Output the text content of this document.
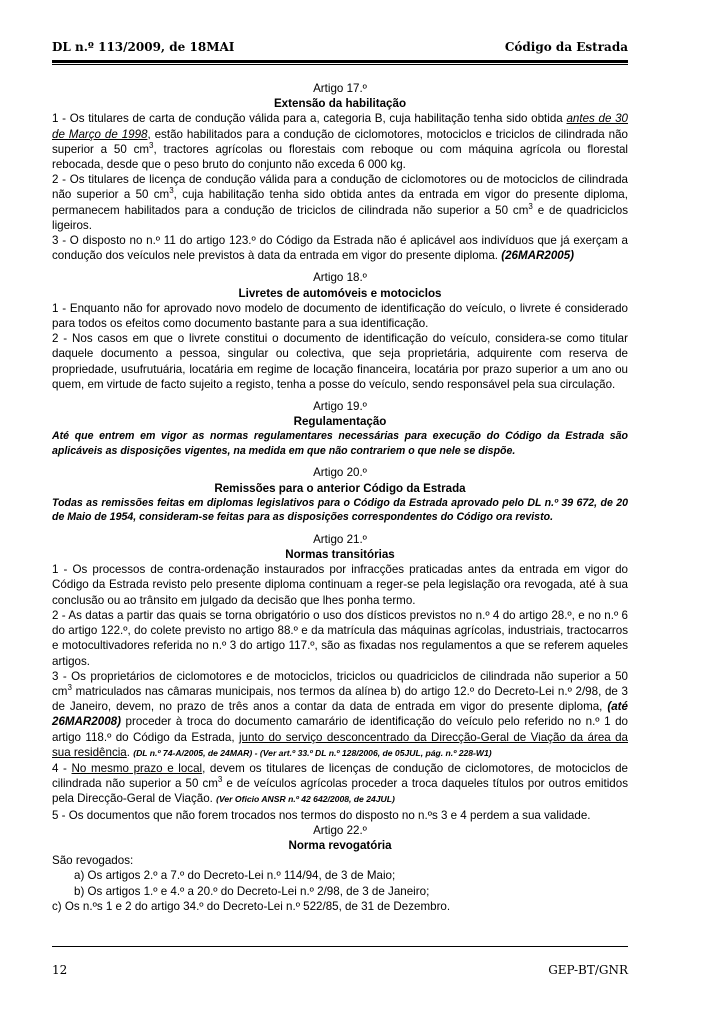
DL n.º 113/2009, de 18MAI	Código da Estrada

Artigo 17.º

Extensão da habilitação

1 - Os titulares de carta de condução válida para a, categoria B, cuja habilitação tenha sido obtida antes de 30 de Março de 1998, estão habilitados para a condução de ciclomotores, motociclos e triciclos de cilindrada não superior a 50 $cm^3$, tractores agrícolas ou florestais com reboque ou com máquina agrícola ou florestal rebocada, desde que o peso bruto do conjunto não exceda 6 000 kg.

2 - Os titulares de licença de condução válida para a condução de ciclomotores ou de motociclos de cilindrada não superior a 50 $cm^3$, cuja habilitação tenha sido obtida antes da entrada em vigor do presente diploma, permanecem habilitados para a condução de triciclos de cilindrada não superior a 50 $cm^3$ e de quadriciclos ligeiros.

3 - O disposto no n.º 11 do artigo 123.º do Código da Estrada não é aplicável aos indivíduos que já exerçam a condução dos veículos nele previstos à data da entrada em vigor do presente diploma. (26MAR2005)

Artigo 18.º

Livretes de automóveis e motociclos

1 - Enquanto não for aprovado novo modelo de documento de identificação do veículo, o livrete é considerado para todos os efeitos como documento bastante para a sua identificação.

2 - Nos casos em que o livrete constitui o documento de identificação do veículo, considera-se como titular daquele documento a pessoa, singular ou colectiva, que seja proprietária, adquirente com reserva de propriedade, usufrutuária, locatária em regime de locação financeira, locatária por prazo superior a um ano ou quem, em virtude de facto sujeito a registo, tenha a posse do veículo, sendo responsável pela sua circulação.

Artigo 19.º

Regulamentação

Até que entrem em vigor as normas regulamentares necessárias para execução do Código da Estrada são aplicáveis as disposições vigentes, na medida em que não contrariem o que nele se dispõe.

Artigo 20.º

Remissões para o anterior Código da Estrada

Todas as remissões feitas em diplomas legislativos para o Código da Estrada aprovado pelo DL n.º 39 672, de 20 de Maio de 1954, consideram-se feitas para as disposições correspondentes do Código ora revisto.

Artigo 21.º

Normas transitórias

1 - Os processos de contra-ordenação instaurados por infracções praticadas antes da entrada em vigor do Código da Estrada revisto pelo presente diploma continuam a reger-se pela legislação ora revogada, até à sua conclusão ou ao trânsito em julgado da decisão que lhes ponha termo.

2 - As datas a partir das quais se torna obrigatório o uso dos dísticos previstos no n.º 4 do artigo 28.º, e no n.º 6 do artigo 122.º, do colete previsto no artigo 88.º e da matrícula das máquinas agrícolas, industriais, tractocarros e motocultivadores referida no n.º 3 do artigo 117.º, são as fixadas nos regulamentos a que se referem aqueles artigos.

3 - Os proprietários de ciclomotores e de motociclos, triciclos ou quadriciclos de cilindrada não superior a 50 $cm^3$ matriculados nas câmaras municipais, nos termos da alínea b) do artigo 12.º do Decreto-Lei n.º 2/98, de 3 de Janeiro, devem, no prazo de três anos a contar da data de entrada em vigor do presente diploma, (até 26MAR2008) proceder à troca do documento camarário de identificação do veículo pelo referido no n.º 1 do artigo 118.º do Código da Estrada, junto do serviço desconcentrado da Direcção-Geral de Viação da área da sua residência. (DL n.º 74-A/2005, de 24MAR) - (Ver art.º 33.º DL n.º 128/2006, de 05JUL, pág. n.º 228-W1)

4 - No mesmo prazo e local, devem os titulares de licenças de condução de ciclomotores, de motociclos de cilindrada não superior a 50 $cm^3$ e de veículos agrícolas proceder a troca daqueles títulos por outros emitidos pela Direcção-Geral de Viação. (Ver Oficio ANSR n.º 42 642/2008, de 24JUL)

5 - Os documentos que não forem trocados nos termos do disposto no n.ºs 3 e 4 perdem a sua validade.

Artigo 22.º

Norma revogatória

São revogados:

a) Os artigos 2.º a 7.º do Decreto-Lei n.º 114/94, de 3 de Maio;

b) Os artigos 1.º e 4.º a 20.º do Decreto-Lei n.º 2/98, de 3 de Janeiro;

c) Os n.ºs 1 e 2 do artigo 34.º do Decreto-Lei n.º 522/85, de 31 de Dezembro.

12	GEP-BT/GNR
